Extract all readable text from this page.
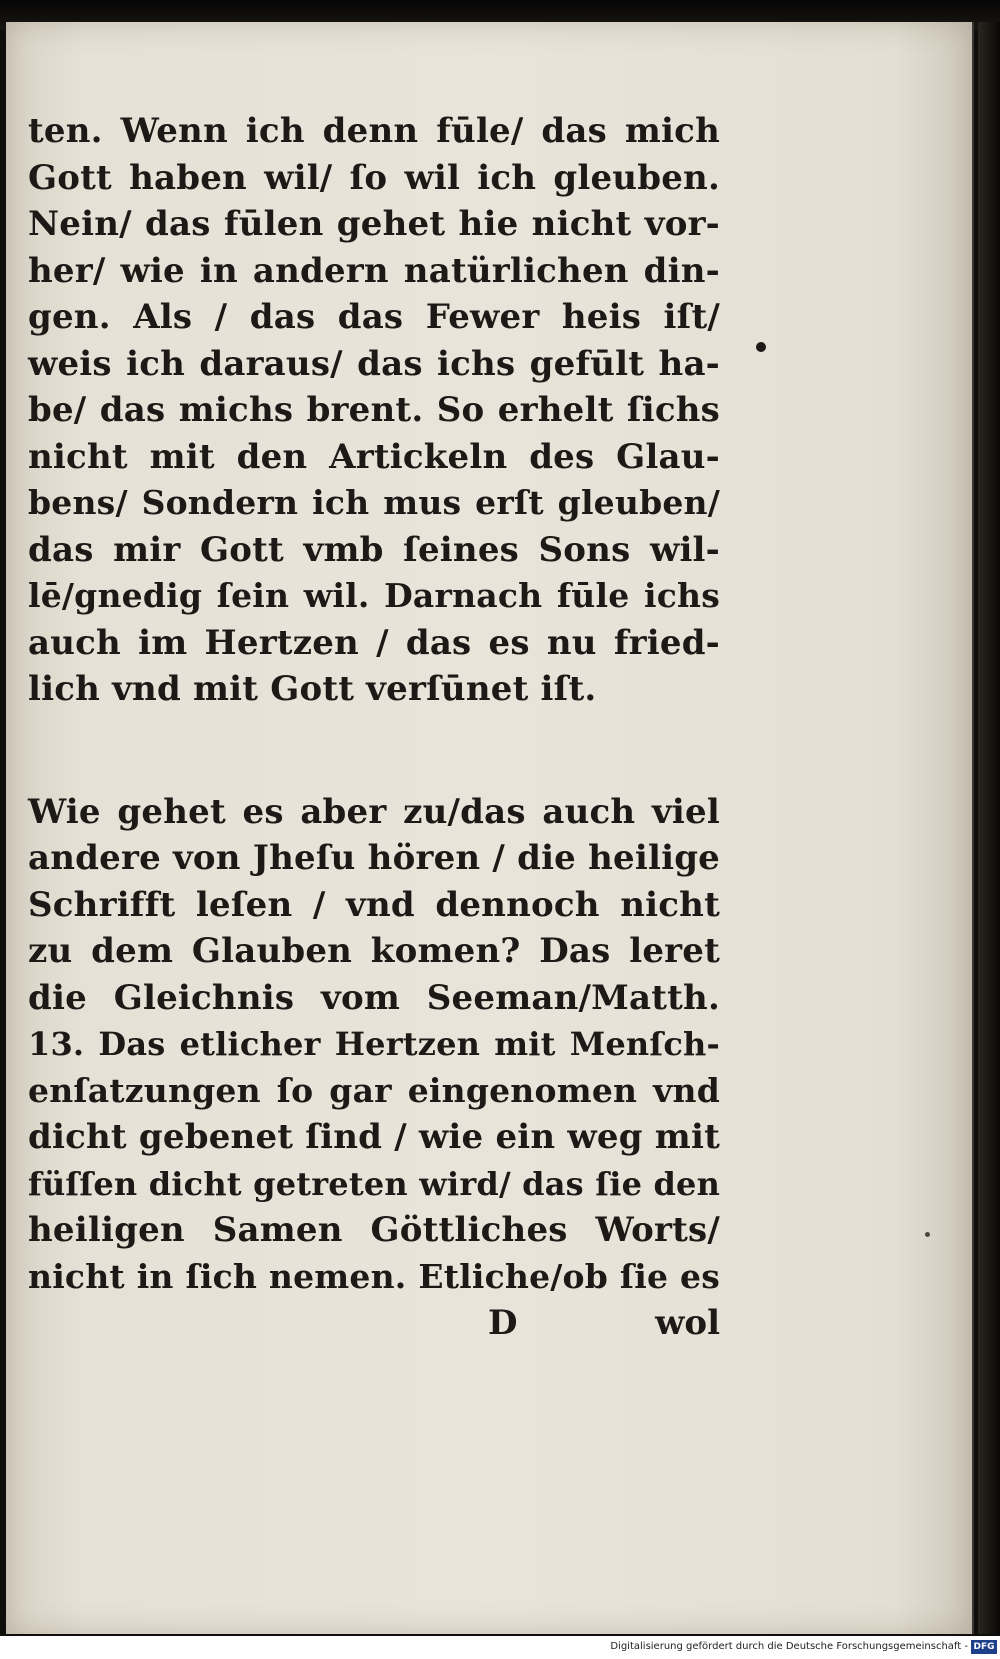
ten. Wenn ich denn fūle/ das mich
Gott haben wil/ ſo wil ich gleuben.
Nein/ das fūlen gehet hie nicht vor-
her/ wie in andern natürlichen din-
gen. Als / das das Fewer heis iſt/
weis ich daraus/ das ichs gefūlt ha-
be/ das michs brent. So erhelt ſichs
nicht mit den Artickeln des Glau-
bens/ Sondern ich mus erſt gleuben/
das mir Gott vmb ſeines Sons wil-
lē/gnedig ſein wil. Darnach fūle ichs
auch im Hertzen / das es nu fried-
lich vnd mit Gott verſūnet iſt.
Wie gehet es aber zu/das auch viel
andere von Jheſu hören / die heilige
Schrifft leſen / vnd dennoch nicht
zu dem Glauben komen? Das leret
die Gleichnis vom Seeman/Matth.
13. Das etlicher Hertzen mit Menſch-
enſatzungen ſo gar eingenomen vnd
dicht gebenet ſind / wie ein weg mit
füſſen dicht getreten wird/ das ſie den
heiligen Samen Göttliches Worts/
nicht in ſich nemen. Etliche/ob ſie es
D	wol
Digitalisierung gefördert durch die Deutsche Forschungsgemeinschaft - DFG
